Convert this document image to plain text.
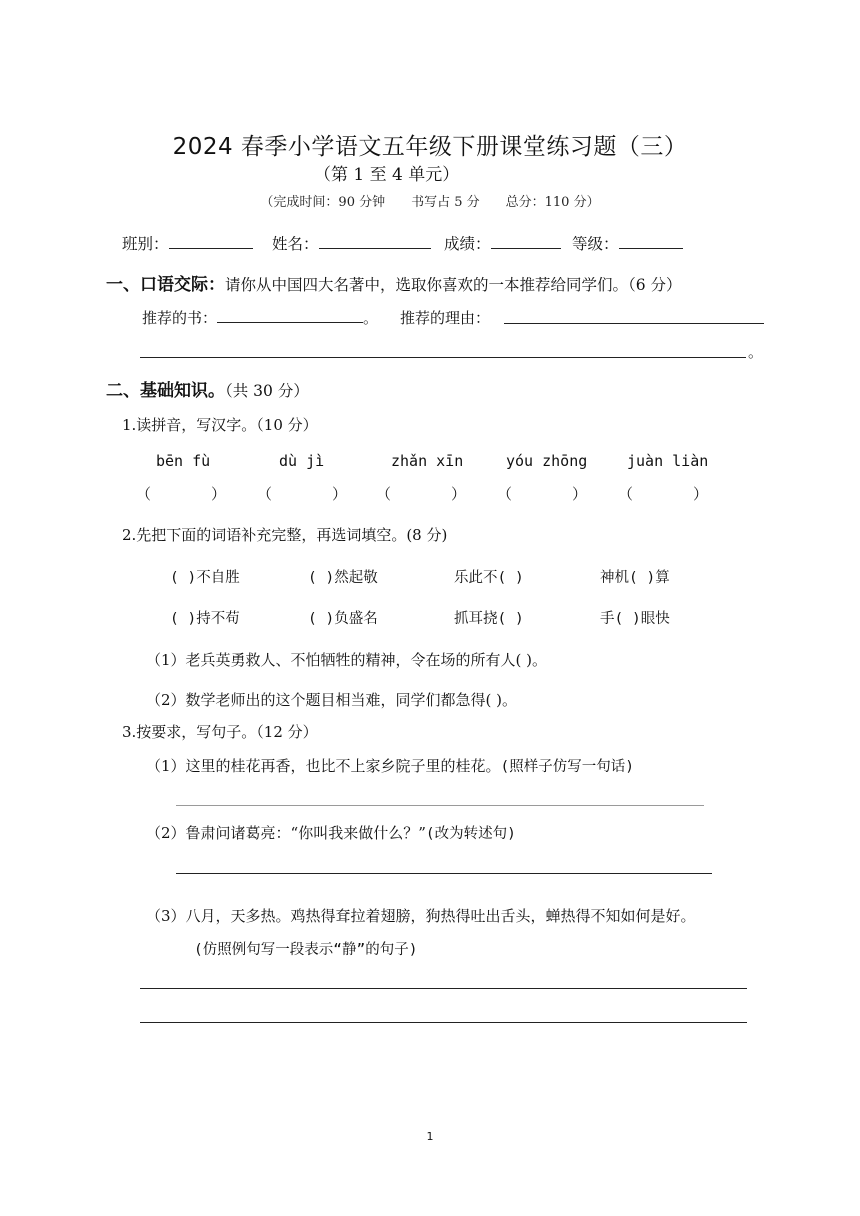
2024 春季小学语文五年级下册课堂练习题（三）
（第 1 至 4 单元）
（完成时间：90 分钟　　书写占 5 分　　总分：110 分）
班别：	姓名：	成绩：	等级：
一、口语交际：请你从中国四大名著中，选取你喜欢的一本推荐给同学们。（6 分）
推荐的书：	。 推荐的理由：
。
二、基础知识。（共 30 分）
1.读拼音，写汉字。（10 分）
bēn fù	dù jì	zhǎn xīn	yóu zhōng	juàn liàn
（　　　　） （　　　　） （　　　　） （　　　　） （　　　　）
2.先把下面的词语补充完整，再选词填空。(8 分)
( )不自胜	( )然起敬	乐此不( )	神机( )算
( )持不苟	( )负盛名	抓耳挠( )	手( )眼快
（1）老兵英勇救人、不怕牺牲的精神，令在场的所有人( )。
（2）数学老师出的这个题目相当难，同学们都急得( )。
3.按要求，写句子。（12 分）
（1）这里的桂花再香，也比不上家乡院子里的桂花。(照样子仿写一句话)
（2）鲁肃问诸葛亮：“你叫我来做什么？”(改为转述句)
（3）八月，天多热。鸡热得耷拉着翅膀，狗热得吐出舌头，蝉热得不知如何是好。
(仿照例句写一段表示“静”的句子)
1
